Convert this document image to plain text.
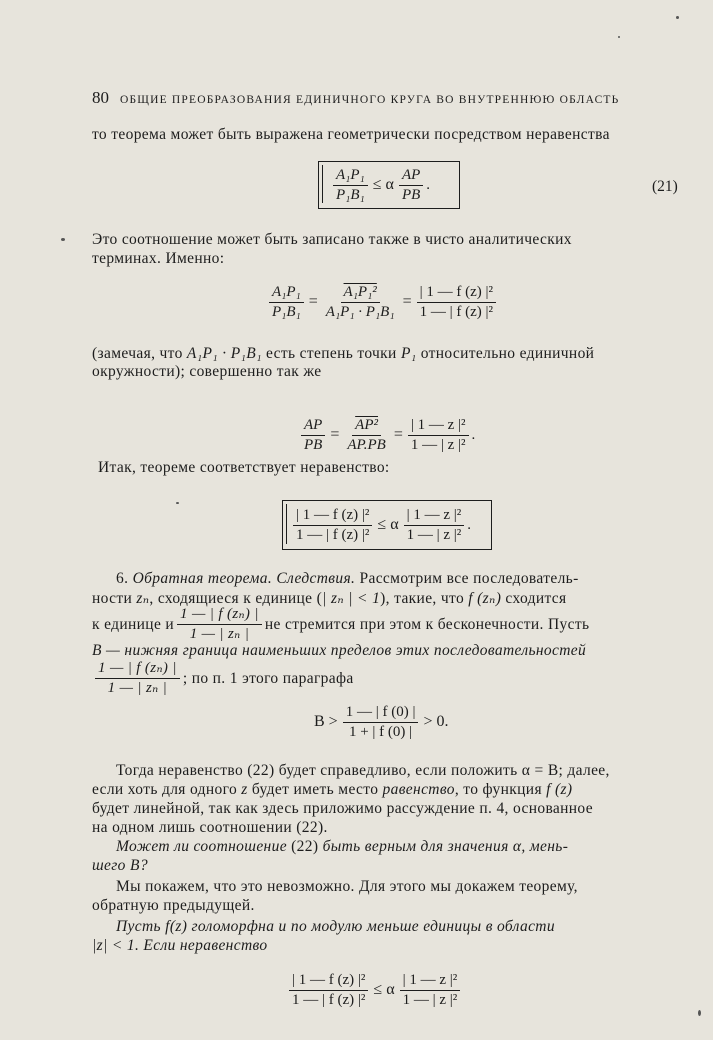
80 ОБЩИЕ ПРЕОБРАЗОВАНИЯ ЕДИНИЧНОГО КРУГА ВО ВНУТРЕННЮЮ ОБЛАСТЬ
то теорема может быть выражена геометрически посредством неравенства
$\frac{\text{A₁P₁}}{\text{P₁B₁}} \le \alpha \frac{AP}{PB}$ .	(21)
Это соотношение может быть записано также в чисто аналитических
терминах. Именно:
$\frac{\text{A₁P₁}}{\text{P₁B₁}} = \frac{\text{A₁P₁²}}{\text{A₁P₁ · P₁B₁}} = \frac{\text{| 1 — f (z) |²}}{\text{1 — | f (z) |²}}$
(замечая, что A₁P₁ · P₁B₁ есть степень точки P₁ относительно единичной
окружности); совершенно так же
$\frac{AP}{PB} = \frac{\text{AP²}}{AP.PB} = \frac{\text{| 1 — z |²}}{\text{1 — | z |²}}$ .
Итак, теореме соответствует неравенство:
$\frac{\text{| 1 — f (z) |²}}{\text{1 — | f (z) |²}} \le \alpha \frac{\text{| 1 — z |²}}{\text{1 — | z |²}}$ .
6. Обратная теорема. Следствия. Рассмотрим все последователь-
ности zₙ, сходящиеся к единице (| zₙ | < 1), такие, что f (zₙ) сходится
к единице и $\frac{\text{1 — | f (zₙ) |}}{\text{1 — | zₙ |}}$ не стремится при этом к бесконечности. Пусть
B — нижняя граница наименьших пределов этих последовательностей
$\frac{\text{1 — | f (zₙ) |}}{\text{1 — | zₙ |}}$ ; по п. 1 этого параграфа
$B > \frac{1 — | f (0) |}{1 + | f (0) |} > 0$.
Тогда неравенство (22) будет справедливо, если положить α = B; далее,
если хоть для одного z будет иметь место равенство, то функция f (z)
будет линейной, так как здесь приложимо рассуждение п. 4, основанное
на одном лишь соотношении (22).
Может ли соотношение (22) быть верным для значения α, мень-
шего B?
Мы покажем, что это невозможно. Для этого мы докажем теорему,
обратную предыдущей.
Пусть f(z) голоморфна и по модулю меньше единицы в области
|z| < 1. Если неравенство
$\frac{\text{| 1 — f (z) |²}}{\text{1 — | f (z) |²}} \le \alpha \frac{\text{| 1 — z |²}}{\text{1 — | z |²}}$
